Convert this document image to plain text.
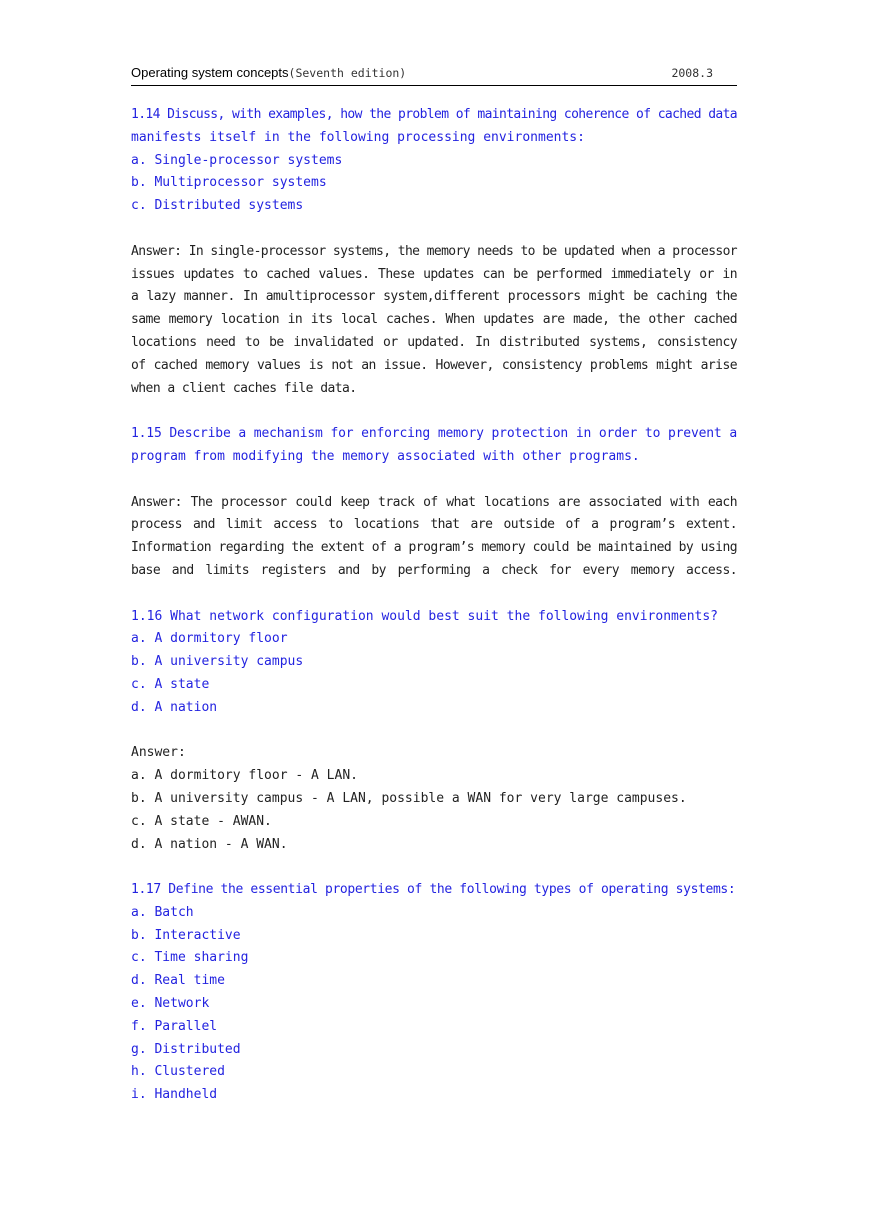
Operating system concepts(Seventh edition)	2008.3
1.14 Discuss, with examples, how the problem of maintaining coherence of cached data
manifests itself in the following processing environments:
a. Single-processor systems
b. Multiprocessor systems
c. Distributed systems
Answer: In single-processor systems, the memory needs to be updated when a processor
issues updates to cached values. These updates can be performed immediately or in
a lazy manner. In amultiprocessor system,different processors might be caching the
same memory location in its local caches. When updates are made, the other cached
locations need to be invalidated or updated. In distributed systems, consistency
of cached memory values is not an issue. However, consistency problems might arise
when a client caches file data.
1.15 Describe a mechanism for enforcing memory protection in order to prevent a
program from modifying the memory associated with other programs.
Answer: The processor could keep track of what locations are associated with each
process and limit access to locations that are outside of a program’s extent.
Information regarding the extent of a program’s memory could be maintained by using
base and limits registers and by performing a check for every memory access.
1.16 What network configuration would best suit the following environments?
a. A dormitory floor
b. A university campus
c. A state
d. A nation
Answer:
a. A dormitory floor - A LAN.
b. A university campus - A LAN, possible a WAN for very large campuses.
c. A state - AWAN.
d. A nation - A WAN.
1.17 Define the essential properties of the following types of operating systems:
a. Batch
b. Interactive
c. Time sharing
d. Real time
e. Network
f. Parallel
g. Distributed
h. Clustered
i. Handheld
